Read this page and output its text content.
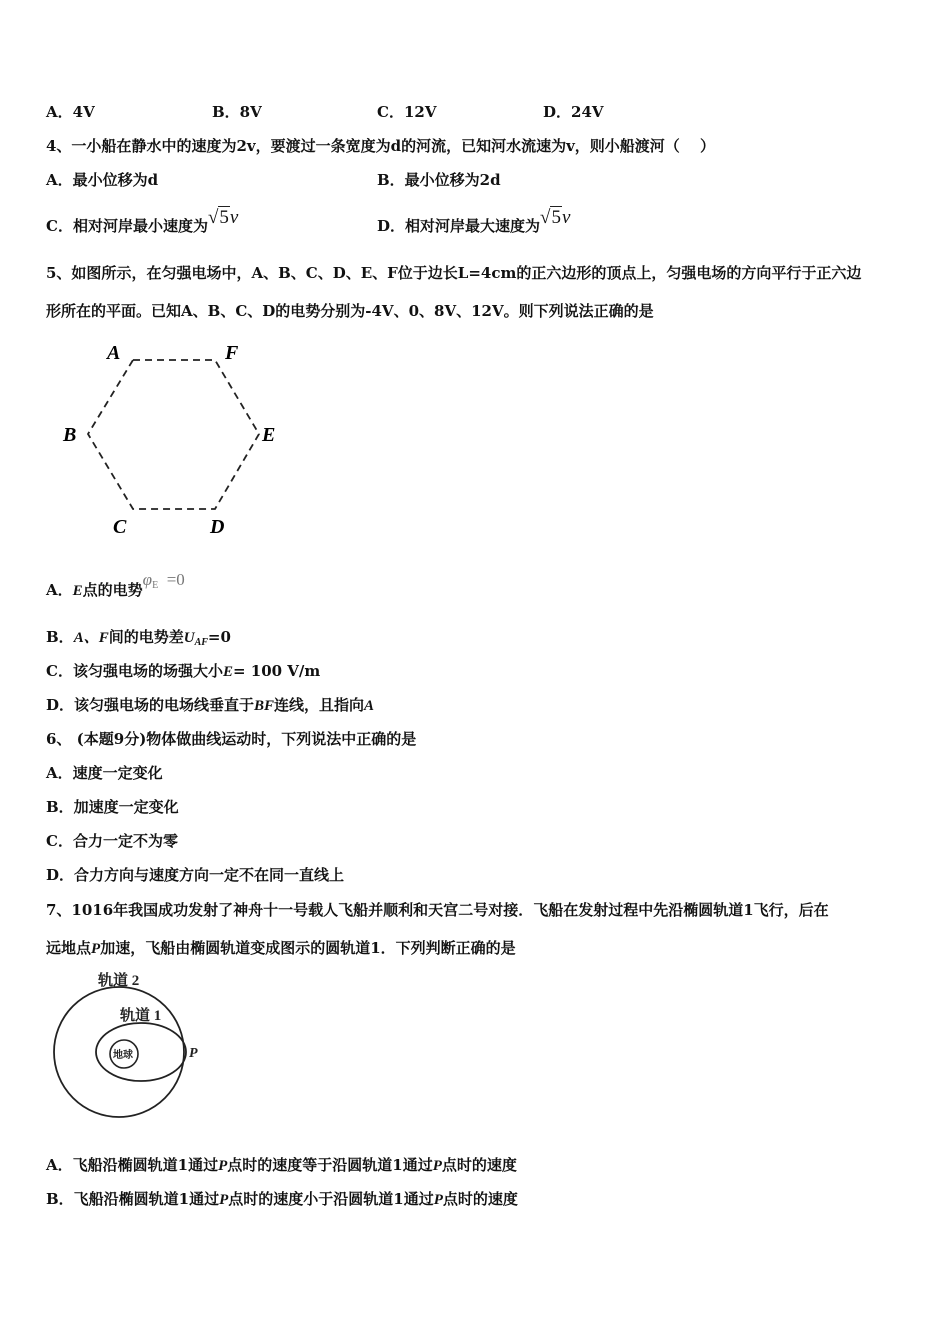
A．4V	B．8V	C．12V	D．24V
4、一小船在静水中的速度为2v，要渡过一条宽度为d的河流，已知河水流速为v，则小船渡河（　 ）
A．最小位移为d	B．最小位移为2d
C．相对河岸最小速度为√5v	D．相对河岸最大速度为√5v
5、如图所示，在匀强电场中，A、B、C、D、E、F位于边长L=4cm的正六边形的顶点上，匀强电场的方向平行于正六边
形所在的平面。已知A、B、C、D的电势分别为-4V、0、8V、12V。则下列说法正确的是
A	F
B	E
C	D
A．E点的电势$\varphi_E =0$
B．A、F间的电势差$U_{AF}=0$
C．该匀强电场的场强大小E= 100 V/m
D．该匀强电场的电场线垂直于BF连线，且指向A
6、 (本题9分)物体做曲线运动时，下列说法中正确的是
A．速度一定变化
B．加速度一定变化
C．合力一定不为零
D．合力方向与速度方向一定不在同一直线上
7、1016年我国成功发射了神舟十一号载人飞船并顺利和天宫二号对接．飞船在发射过程中先沿椭圆轨道1飞行，后在
远地点P加速，飞船由椭圆轨道变成图示的圆轨道1．下列判断正确的是
轨道 2
轨道 1
地球	P
A．飞船沿椭圆轨道1通过P点时的速度等于沿圆轨道1通过P点时的速度
B．飞船沿椭圆轨道1通过P点时的速度小于沿圆轨道1通过P点时的速度
